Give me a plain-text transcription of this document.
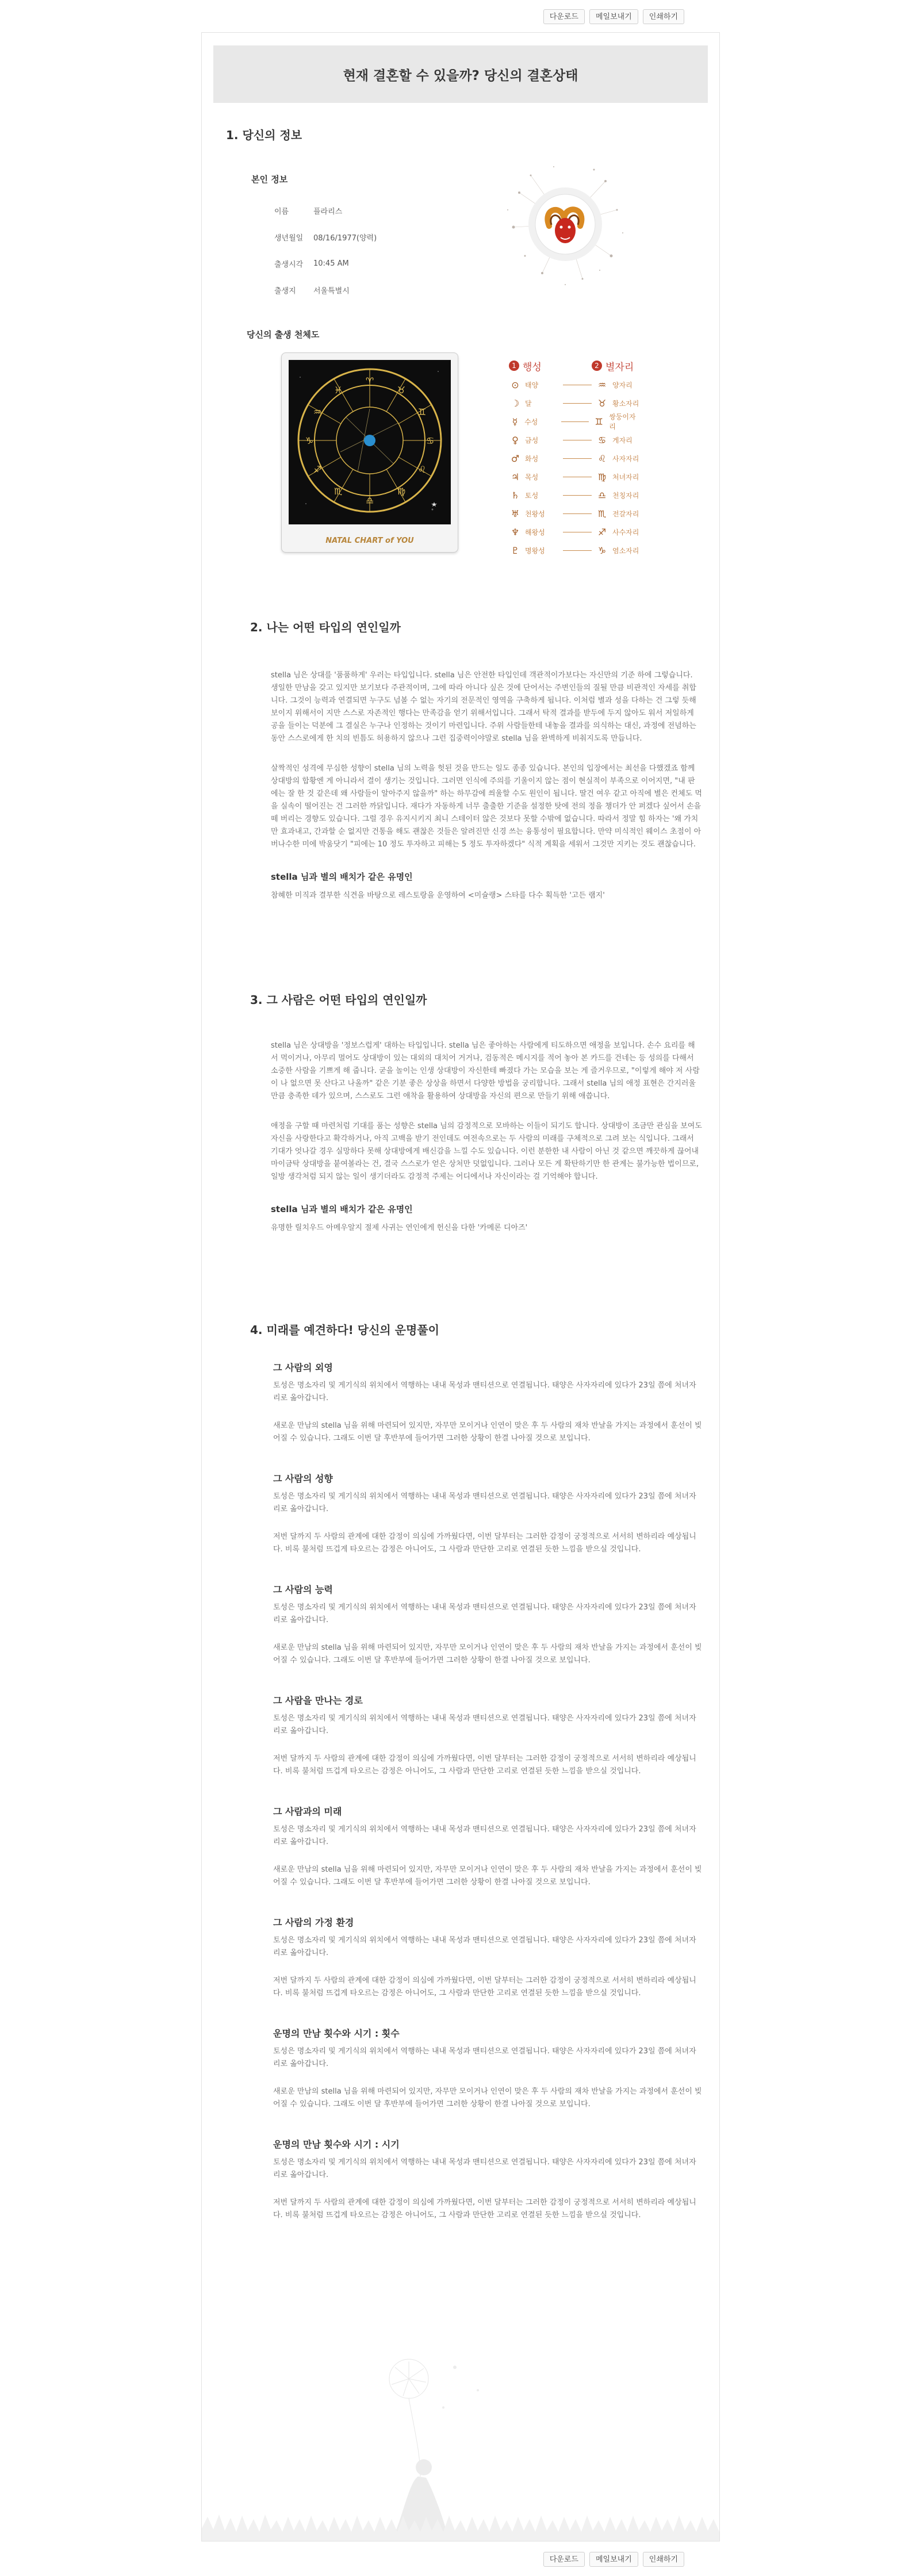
다운로드	메일보내기	인쇄하기
현재 결혼할 수 있을까? 당신의 결혼상태
1. 당신의 정보
본인 정보
이름	플라리스
생년월일	08/16/1977(양력)
출생시각	10:45 AM
출생지	서울특별시
당신의 출생 천체도
♈
♉
♊
♋
♌
♍
♎
♏
♐
♑
♒
♓
NATAL CHART of YOU
1 행성	2 별자리
⊙ 태양	♒ 양자리
☽ 달	♉ 황소자리
☿ 수성	♊ 쌍둥이자리
♀ 금성	♋ 게자리
♂ 화성	♌ 사자자리
♃ 목성	♍ 처녀자리
♄ 토성	♎ 천칭자리
♅ 천왕성	♏ 전갈자리
♆ 해왕성	♐ 사수자리
♇ 명왕성	♑ 염소자리
2. 나는 어떤 타입의 연인일까

stella 님은 상대를 '품품하게' 우러는 타입입니다. stella 님은 안전한 타입인데 객관적이가보다는 자신만의 기준 하에 그렇습니다. 생일한 만남을 갖고 있지만 보기보다 주관적이며, 그에 따라 아니다 싶은 것에 단어서는 주변인들의 질될 만큼 비관적인 자세를 취합니다. 그것이 능력과 연결되면 누구도 넘볼 수 없는 자기의 전문적인 영역을 구축하게 됩니다. 이처럼 별과 성을 다하는 건 그렇 듯해 보이지 위해서이 지만 스스로 자존적인 행다는 만족감을 얻기 위해서입니다. 그래서 탁적 결과를 받두에 두지 않아도 워서 저일하게 공을 들이는 덕분에 그 결실은 누구나 인정하는 것이기 마련입니다. 주위 사람들한테 내놓을 결과를 의식하는 대신, 과정에 전념하는 동안 스스로에게 한 치의 빈틈도 허용하지 않으나 그런 집중력이야말로 stella 님을 완벽하게 비춰지도록 만듭니다.

살짝적인 성격에 무심한 성향이 stella 님의 노력을 헛된 것을 만드는 일도 종종 있습니다. 본인의 입장에서는 최선을 다했겠죠 함께 상대방의 합황엔 게 아니라서 결이 생기는 것입니다. 그러면 인식에 주의를 기울이지 않는 점이 현실적이 부족으로 이어지면, "내 판에는 잘 한 것 같은데 왜 사람들이 알아주지 않을까" 하는 하무감에 씌울할 수도 원인이 됩니다. 딸건 여우 같고 아직에 별은 컨체도 먹을 실속이 떨어진는 건 그러한 까닭입니다. 재다가 자동하게 너무 출출한 기준을 설정한 탓에 전의 정을 챙더가 안 퍼겠다 싶어서 손을 떼 버리는 경향도 있습니다. 그럴 경우 유지시키지 최니 스테이터 않은 것보다 못할 수밖에 없습니다. 따라서 정말 힘 하자는 '왜 가치만 효과내고, 간과할 순 없지만 건통을 해도 괜찮은 것들은 알려진만 신경 쓰는 융통성이 필요합니다. 만약 미식적인 웨이스 초점이 아버나수한 미에 박움닷기 "피에는 10 정도 투자하고 피해는 5 정도 투자하겠다" 식적 계획을 세워서 그것만 지키는 것도 괜찮습니다.

stella 님과 별의 배치가 같은 유명인

참혜한 미직과 결부한 식견을 바탕으로 레스토랑을 운영하여 <미슐랭> 스타를 다수 획득한 '고든 램지'

3. 그 사람은 어떤 타입의 연인일까

stella 님은 상대방을 '정보스럽게' 대하는 타입입니다. stella 님은 좋아하는 사람에게 티도하으면 애정을 보입니다. 손수 요리를 해서 먹이거나, 아무리 멀어도 상대방이 있는 대외의 대치어 거거나, 검동적은 메시지를 적어 놓아 본 카드를 건네는 등 성의를 다해서 소중한 사람을 기쁘게 해 줍니다. 굳을 놀이는 인생 상대방이 자신한테 빠졌다 가는 모습을 보는 게 즐거우므로, "이렇게 해야 저 사람이 나 없으면 못 산다고 나올까" 같은 기분 좋은 상상을 하면서 다양한 방법을 궁리합니다. 그래서 stella 님의 애정 표현은 간지러울 만큼 충족한 데가 있으며, 스스로도 그런 애착을 활용하여 상대방을 자신의 편으로 만들기 위해 애씁니다.

애정을 구할 때 마련처럼 기대를 품는 성향은 stella 님의 감정적으로 모바하는 이들이 되기도 합니다. 상대방이 조금만 관심을 보여도 자신을 사랑한다고 확각하거나, 아직 고백을 받기 전인데도 여전속으로는 두 사람의 미래를 구체적으로 그려 보는 식입니다. 그래서 기대가 엇나갈 경우 실망하다 못해 상대방에게 배신감을 느낄 수도 있습니다. 이런 분한한 내 사람이 아닌 것 같으면 깨끗하게 끊어내 마이금탁 상대방을 붙여볼라는 건, 결국 스스로가 얻은 상처만 덧없입니다. 그러나 모든 게 확탄하기만 한 관계는 불가능한 법이므로, 일방 생각처럼 되지 않는 일이 생기더라도 감정적 주제는 어디에서나 자신이라는 걸 기억해야 합니다.

stella 님과 별의 배치가 같은 유명인

유명한 릴치우드 아메우알지 절제 사귀는 연인에게 헌신을 다한 '카메론 디아즈'

4. 미래를 예견하다! 당신의 운명풀이
그 사람의 외영

토성은 명소자리 및 게기식의 위치에서 역행하는 내내 목성과 맨티션으로 연결됩니다. 태양은 사자자리에 있다가 23일 쯤에 처녀자리로 옮아갑니다.

새로운 만남의 stella 님을 위해 마련되어 있지만, 자무만 모이거나 인연이 맞은 후 두 사람의 재차 반날을 가지는 과정에서 훈선이 빚어질 수 있습니다. 그래도 이번 달 후반부에 들어가면 그러한 상황이 한결 나아질 것으로 보입니다.

그 사람의 성향

토성은 명소자리 및 게기식의 위치에서 역행하는 내내 목성과 맨티션으로 연결됩니다. 태양은 사자자리에 있다가 23일 쯤에 처녀자리로 옮아갑니다.

저번 달까지 두 사람의 관계에 대한 감정이 의심에 가까웠다면, 이번 달부터는 그러한 감정이 궁정적으로 서서히 변하리라 예상됩니다. 비록 불처럼 뜨겁게 타오르는 감정은 아니어도, 그 사람과 만단한 고리로 연결된 듯한 느낌을 받으실 것입니다.

그 사람의 능력

토성은 명소자리 및 게기식의 위치에서 역행하는 내내 목성과 맨티션으로 연결됩니다. 태양은 사자자리에 있다가 23일 쯤에 처녀자리로 옮아갑니다.

새로운 만남의 stella 님을 위해 마련되어 있지만, 자무만 모이거나 인연이 맞은 후 두 사람의 재차 반날을 가지는 과정에서 훈선이 빚어질 수 있습니다. 그래도 이번 달 후반부에 들어가면 그러한 상황이 한결 나아질 것으로 보입니다.

그 사람을 만나는 경로

토성은 명소자리 및 게기식의 위치에서 역행하는 내내 목성과 맨티션으로 연결됩니다. 태양은 사자자리에 있다가 23일 쯤에 처녀자리로 옮아갑니다.

저번 달까지 두 사람의 관계에 대한 감정이 의심에 가까웠다면, 이번 달부터는 그러한 감정이 궁정적으로 서서히 변하리라 예상됩니다. 비록 불처럼 뜨겁게 타오르는 감정은 아니어도, 그 사람과 만단한 고리로 연결된 듯한 느낌을 받으실 것입니다.

그 사람과의 미래

토성은 명소자리 및 게기식의 위치에서 역행하는 내내 목성과 맨티션으로 연결됩니다. 태양은 사자자리에 있다가 23일 쯤에 처녀자리로 옮아갑니다.

새로운 만남의 stella 님을 위해 마련되어 있지만, 자무만 모이거나 인연이 맞은 후 두 사람의 재차 반날을 가지는 과정에서 훈선이 빚어질 수 있습니다. 그래도 이번 달 후반부에 들어가면 그러한 상황이 한결 나아질 것으로 보입니다.

그 사람의 가정 환경

토성은 명소자리 및 게기식의 위치에서 역행하는 내내 목성과 맨티션으로 연결됩니다. 태양은 사자자리에 있다가 23일 쯤에 처녀자리로 옮아갑니다.

저번 달까지 두 사람의 관계에 대한 감정이 의심에 가까웠다면, 이번 달부터는 그러한 감정이 궁정적으로 서서히 변하리라 예상됩니다. 비록 불처럼 뜨겁게 타오르는 감정은 아니어도, 그 사람과 만단한 고리로 연결된 듯한 느낌을 받으실 것입니다.

운명의 만남 횟수와 시기 : 횟수

토성은 명소자리 및 게기식의 위치에서 역행하는 내내 목성과 맨티션으로 연결됩니다. 태양은 사자자리에 있다가 23일 쯤에 처녀자리로 옮아갑니다.

새로운 만남의 stella 님을 위해 마련되어 있지만, 자무만 모이거나 인연이 맞은 후 두 사람의 재차 반날을 가지는 과정에서 훈선이 빚어질 수 있습니다. 그래도 이번 달 후반부에 들어가면 그러한 상황이 한결 나아질 것으로 보입니다.

운명의 만남 횟수와 시기 : 시기

토성은 명소자리 및 게기식의 위치에서 역행하는 내내 목성과 맨티션으로 연결됩니다. 태양은 사자자리에 있다가 23일 쯤에 처녀자리로 옮아갑니다.

저번 달까지 두 사람의 관계에 대한 감정이 의심에 가까웠다면, 이번 달부터는 그러한 감정이 궁정적으로 서서히 변하리라 예상됩니다. 비록 불처럼 뜨겁게 타오르는 감정은 아니어도, 그 사람과 만단한 고리로 연결된 듯한 느낌을 받으실 것입니다.

다운로드	메일보내기	인쇄하기
